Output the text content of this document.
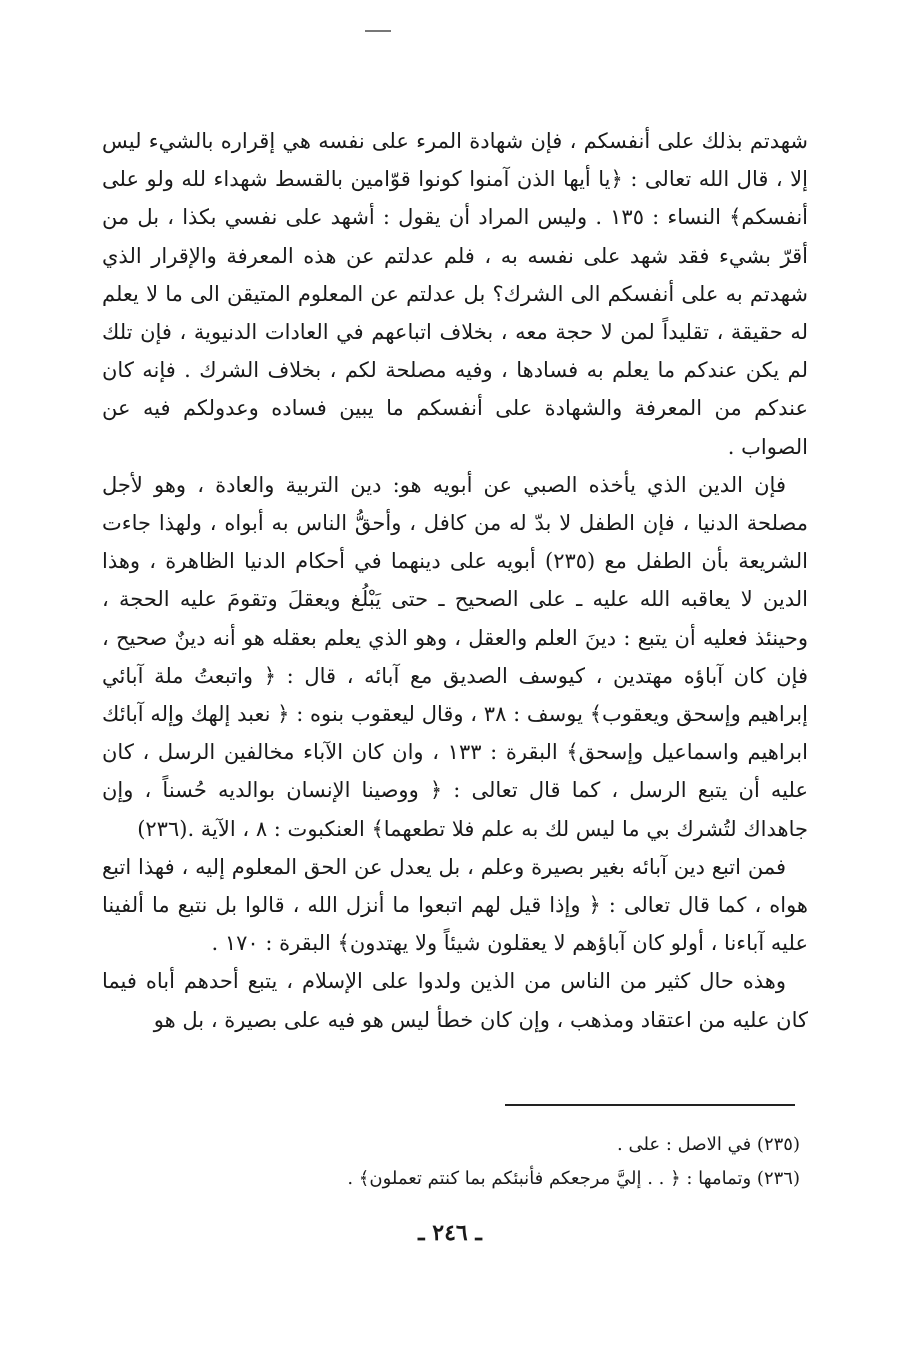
شهدتم بذلك على أنفسكم ، فإن شهادة المرء على نفسه هي إقراره بالشيء ليس إلا ، قال الله تعالى : ﴿يا أيها الذن آمنوا كونوا قوّامين بالقسط شهداء لله ولو على أنفسكم﴾ النساء : ١٣٥ . وليس المراد أن يقول : أشهد على نفسي بكذا ، بل من أقرّ بشيء فقد شهد على نفسه به ، فلم عدلتم عن هذه المعرفة والإقرار الذي شهدتم به على أنفسكم الى الشرك؟ بل عدلتم عن المعلوم المتيقن الى ما لا يعلم له حقيقة ، تقليداً لمن لا حجة معه ، بخلاف اتباعهم في العادات الدنيوية ، فإن تلك لم يكن عندكم ما يعلم به فسادها ، وفيه مصلحة لكم ، بخلاف الشرك . فإنه كان عندكم من المعرفة والشهادة على أنفسكم ما يبين فساده وعدولكم فيه عن الصواب .

فإن الدين الذي يأخذه الصبي عن أبويه هو: دين التربية والعادة ، وهو لأجل مصلحة الدنيا ، فإن الطفل لا بدّ له من كافل ، وأحقُّ الناس به أبواه ، ولهذا جاءت الشريعة بأن الطفل مع (٢٣٥) أبويه على دينهما في أحكام الدنيا الظاهرة ، وهذا الدين لا يعاقبه الله عليه ـ على الصحيح ـ حتى يَبْلُغ ويعقلَ وتقومَ عليه الحجة ، وحينئذ فعليه أن يتبع : دينَ العلم والعقل ، وهو الذي يعلم بعقله هو أنه دينٌ صحيح ، فإن كان آباؤه مهتدين ، كيوسف الصديق مع آبائه ، قال : ﴿ واتبعتُ ملة آبائي إبراهيم وإسحق ويعقوب﴾ يوسف : ٣٨ ، وقال ليعقوب بنوه : ﴿ نعبد إلهك وإله آبائك ابراهيم واسماعيل وإسحق﴾ البقرة : ١٣٣ ، وان كان الآباء مخالفين الرسل ، كان عليه أن يتبع الرسل ، كما قال تعالى : ﴿ ووصينا الإنسان بوالديه حُسناً ، وإن جاهداك لتُشرك بي ما ليس لك به علم فلا تطعهما﴾ العنكبوت : ٨ ، الآية .(٢٣٦)

فمن اتبع دين آبائه بغير بصيرة وعلم ، بل يعدل عن الحق المعلوم إليه ، فهذا اتبع هواه ، كما قال تعالى : ﴿ وإذا قيل لهم اتبعوا ما أنزل الله ، قالوا بل نتبع ما ألفينا عليه آباءنا ، أولو كان آباؤهم لا يعقلون شيئاً ولا يهتدون﴾ البقرة : ١٧٠ .

وهذه حال كثير من الناس من الذين ولدوا على الإسلام ، يتبع أحدهم أباه فيما كان عليه من اعتقاد ومذهب ، وإن كان خطأ ليس هو فيه على بصيرة ، بل هو

(٢٣٥) في الاصل : على .

(٢٣٦) وتمامها : ﴿ . . إليَّ مرجعكم فأنبئكم بما كنتم تعملون﴾ .

ـ ٢٤٦ ـ
